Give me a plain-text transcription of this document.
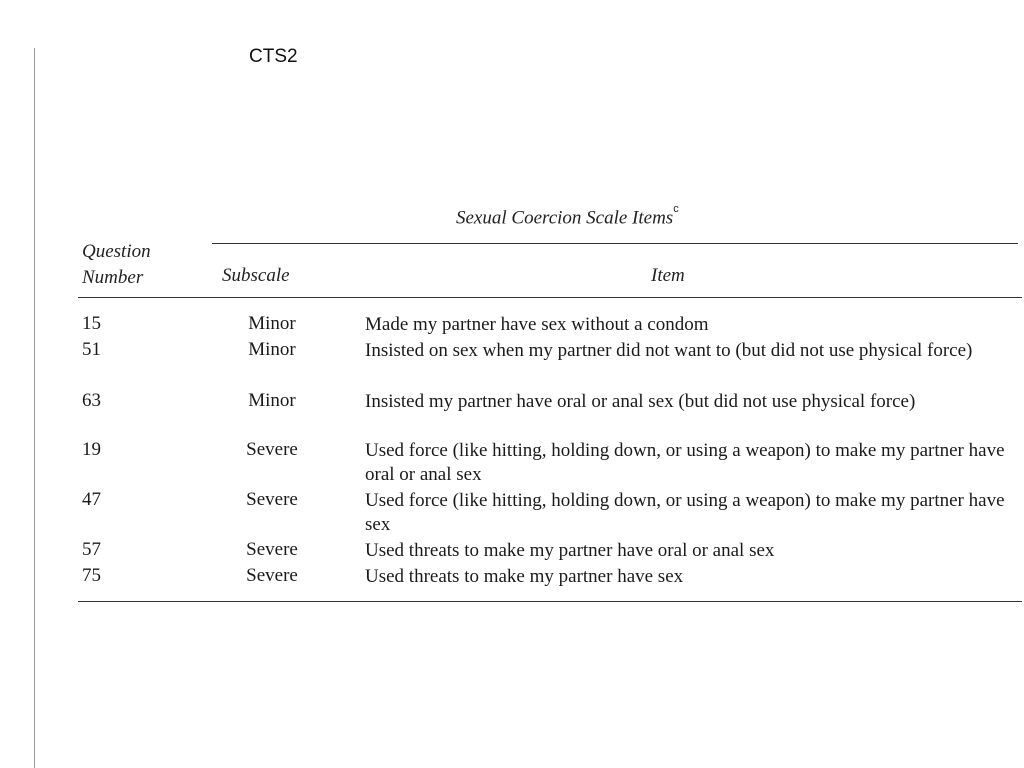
CTS2
Sexual Coercion Scale Items$^c$
Question
Number	Subscale	Item
15	Minor	Made my partner have sex without a condom
51	Minor	Insisted on sex when my partner did not want to (but did not use physical force)
63	Minor	Insisted my partner have oral or anal sex (but did not use physical force)
19	Severe	Used force (like hitting, holding down, or using a weapon) to make my partner have oral or anal sex
47	Severe	Used force (like hitting, holding down, or using a weapon) to make my partner have sex
57	Severe	Used threats to make my partner have oral or anal sex
75	Severe	Used threats to make my partner have sex
